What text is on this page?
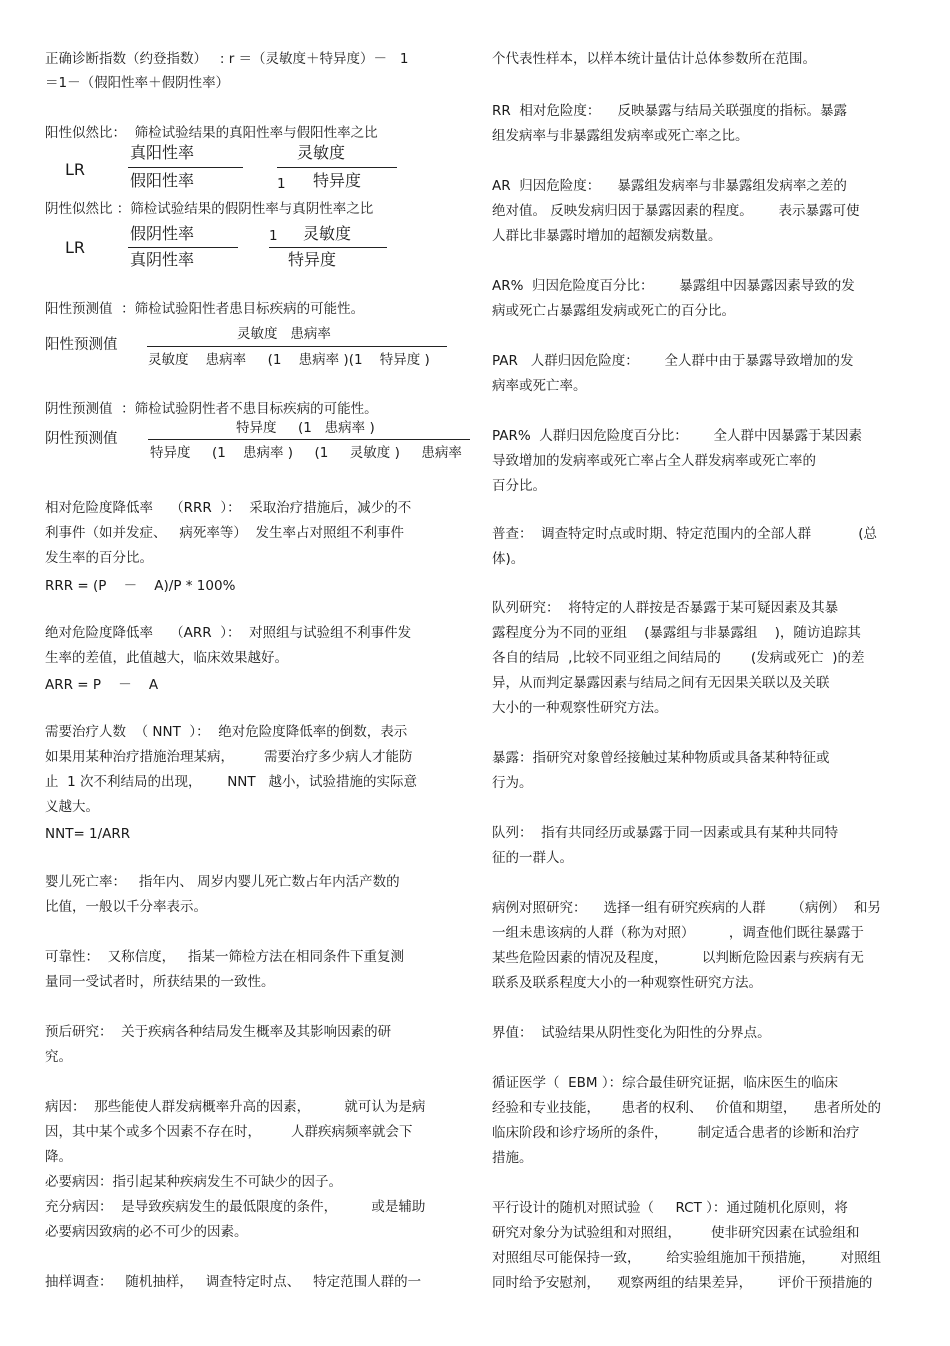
正确诊断指数（约登指数）   : r ＝（灵敏度＋特异度）－   1
＝1－（假阳性率＋假阴性率）
阳性似然比：  筛检试验结果的真阳性率与假阳性率之比
LR
真阳性率
假阳性率
灵敏度
1 特异度
阴性似然比 ：筛检试验结果的假阴性率与真阴性率之比
LR
假阴性率
真阴性率
1 灵敏度
特异度
阳性预测值  ：筛检试验阳性者患目标疾病的可能性。
阳性预测值
灵敏度   患病率
灵敏度    患病率     (1    患病率 )(1    特异度 )
阴性预测值  ：筛检试验阴性者不患目标疾病的可能性。
阴性预测值
特异度     (1   患病率 )
特异度     (1    患病率 )     (1     灵敏度 )     患病率
相对危险度降低率    （RRR  ）：  采取治疗措施后，减少的不
利事件（如并发症、   病死率等）  发生率占对照组不利事件
发生率的百分比。
RRR = (P    －    A)/P * 100%
绝对危险度降低率    （ARR  ）：  对照组与试验组不利事件发
生率的差值，此值越大，临床效果越好。
ARR = P    －    A
需要治疗人数  （ NNT  ）：  绝对危险度降低率的倒数，表示
如果用某种治疗措施治理某病，       需要治疗多少病人才能防
止  1 次不利结局的出现，      NNT   越小，试验措施的实际意
义越大。
NNT= 1/ARR
婴儿死亡率：   指年内、 周岁内婴儿死亡数占年内活产数的
比值，一般以千分率表示。
可靠性：  又称信度，   指某一筛检方法在相同条件下重复测
量同一受试者时，所获结果的一致性。
预后研究：  关于疾病各种结局发生概率及其影响因素的研
究。
病因：  那些能使人群发病概率升高的因素，        就可认为是病
因，其中某个或多个因素不存在时，       人群疾病频率就会下
降。
必要病因：指引起某种疾病发生不可缺少的因子。
充分病因：  是导致疾病发生的最低限度的条件，        或是辅助
必要病因致病的必不可少的因素。
抽样调查：   随机抽样，   调查特定时点、   特定范围人群的一
个代表性样本，以样本统计量估计总体参数所在范围。
RR  相对危险度：    反映暴露与结局关联强度的指标。暴露
组发病率与非暴露组发病率或死亡率之比。
AR  归因危险度：    暴露组发病率与非暴露组发病率之差的
绝对值。 反映发病归因于暴露因素的程度。      表示暴露可使
人群比非暴露时增加的超额发病数量。
AR%  归因危险度百分比：      暴露组中因暴露因素导致的发
病或死亡占暴露组发病或死亡的百分比。
PAR   人群归因危险度：      全人群中由于暴露导致增加的发
病率或死亡率。
PAR%  人群归因危险度百分比：      全人群中因暴露于某因素
导致增加的发病率或死亡率占全人群发病率或死亡率的
百分比。
普查：  调查特定时点或时期、特定范围内的全部人群           (总
体)。
队列研究：  将特定的人群按是否暴露于某可疑因素及其暴
露程度分为不同的亚组    (暴露组与非暴露组    )，随访追踪其
各自的结局  ,比较不同亚组之间结局的       (发病或死亡  )的差
异，从而判定暴露因素与结局之间有无因果关联以及关联
大小的一种观察性研究方法。
暴露：指研究对象曾经接触过某种物质或具备某种特征或
行为。
队列：  指有共同经历或暴露于同一因素或具有某种共同特
征的一群人。
病例对照研究：    选择一组有研究疾病的人群      （病例）  和另
一组未患该病的人群（称为对照）        ，调查他们既往暴露于
某些危险因素的情况及程度，        以判断危险因素与疾病有无
联系及联系程度大小的一种观察性研究方法。
界值：  试验结果从阴性变化为阳性的分界点。
循证医学（  EBM ）：综合最佳研究证据，临床医生的临床
经验和专业技能，     患者的权利、   价值和期望，    患者所处的
临床阶段和诊疗场所的条件，       制定适合患者的诊断和治疗
措施。
平行设计的随机对照试验（     RCT ）：通过随机化原则，将
研究对象分为试验组和对照组，       使非研究因素在试验组和
对照组尽可能保持一致，      给实验组施加干预措施，      对照组
同时给予安慰剂，    观察两组的结果差异，      评价干预措施的
